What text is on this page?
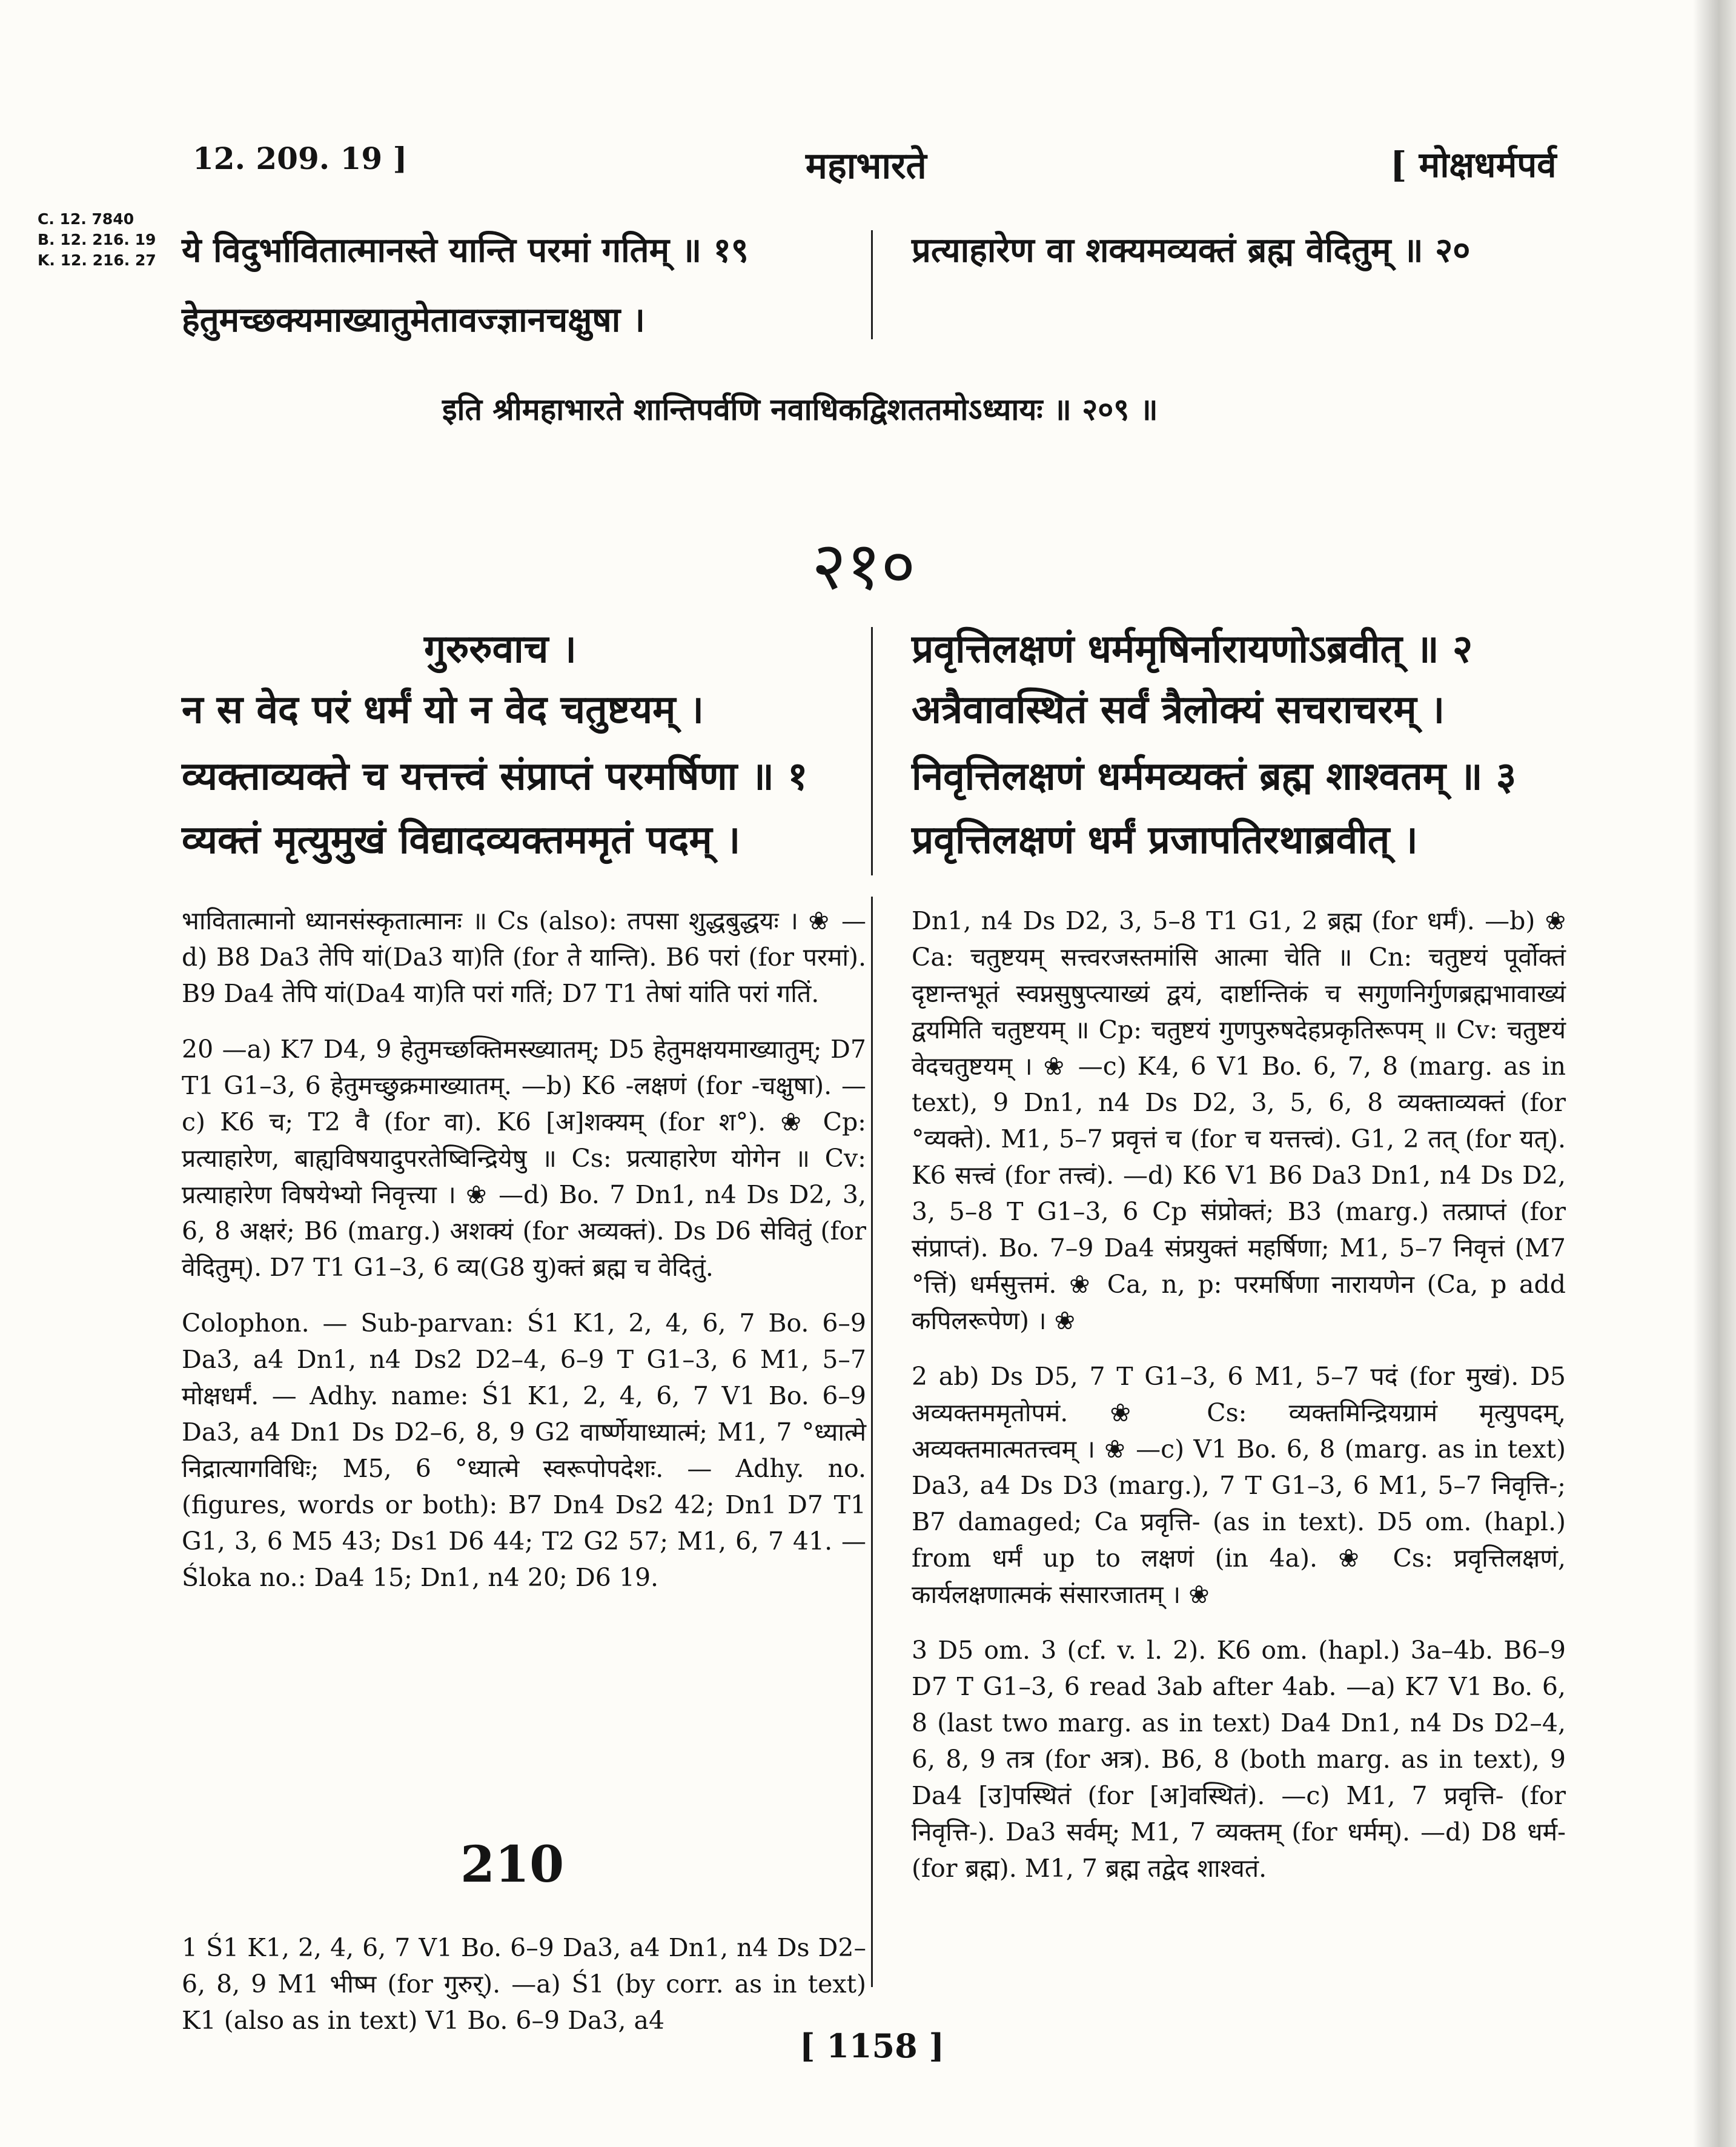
12. 209. 19 ]	महाभारते	[ मोक्षधर्मपर्व
C. 12. 7840
B. 12. 216. 19
K. 12. 216. 27 ये विदुर्भावितात्मानस्ते यान्ति परमां गतिम् ॥ १९
हेतुमच्छक्यमाख्यातुमेतावज्ज्ञानचक्षुषा ।
प्रत्याहारेण वा शक्यमव्यक्तं ब्रह्म वेदितुम् ॥ २०
इति श्रीमहाभारते शान्तिपर्वणि नवाधिकद्विशततमोऽध्यायः ॥ २०९ ॥
२१०
गुरुरुवाच ।
न स वेद परं धर्मं यो न वेद चतुष्टयम् ।
व्यक्ताव्यक्ते च यत्तत्त्वं संप्राप्तं परमर्षिणा ॥ १
व्यक्तं मृत्युमुखं विद्यादव्यक्तममृतं पदम् ।
प्रवृत्तिलक्षणं धर्ममृषिर्नारायणोऽब्रवीत् ॥ २
अत्रैवावस्थितं सर्वं त्रैलोक्यं सचराचरम् ।
निवृत्तिलक्षणं धर्ममव्यक्तं ब्रह्म शाश्वतम् ॥ ३
प्रवृत्तिलक्षणं धर्मं प्रजापतिरथाब्रवीत् ।

भावितात्मानो ध्यानसंस्कृतात्मानः ॥ Cs (also): तपसा शुद्धबुद्धयः । ❀ —d) B8 Da3 तेपि यां(Da3 या)ति (for ते यान्ति). B6 परां (for परमां). B9 Da4 तेपि यां(Da4 या)ति परां गतिं; D7 T1 तेषां यांति परां गतिं.

20 —a) K7 D4, 9 हेतुमच्छक्तिमस्ख्यातम्; D5 हेतुमक्षयमाख्यातुम्; D7 T1 G1–3, 6 हेतुमच्छुक्रमाख्यातम्. —b) K6 -लक्षणं (for -चक्षुषा). —c) K6 च; T2 वै (for वा). K6 [अ]शक्यम् (for श°). ❀ Cp: प्रत्याहारेण, बाह्यविषयादुपरतेष्विन्द्रियेषु ॥ Cs: प्रत्याहारेण योगेन ॥ Cv: प्रत्याहारेण विषयेभ्यो निवृत्त्या । ❀ —d) Bo. 7 Dn1, n4 Ds D2, 3, 6, 8 अक्षरं; B6 (marg.) अशक्यं (for अव्यक्तं). Ds D6 सेवितुं (for वेदितुम्). D7 T1 G1–3, 6 व्य(G8 यु)क्तं ब्रह्म च वेदितुं.

Colophon. — Sub-parvan: Ś1 K1, 2, 4, 6, 7 Bo. 6–9 Da3, a4 Dn1, n4 Ds2 D2–4, 6–9 T G1–3, 6 M1, 5–7 मोक्षधर्मं. — Adhy. name: Ś1 K1, 2, 4, 6, 7 V1 Bo. 6–9 Da3, a4 Dn1 Ds D2–6, 8, 9 G2 वार्ष्णेयाध्यात्मं; M1, 7 °ध्यात्मे निद्रात्यागविधिः; M5, 6 °ध्यात्मे स्वरूपोपदेशः. — Adhy. no. (figures, words or both): B7 Dn4 Ds2 42; Dn1 D7 T1 G1, 3, 6 M5 43; Ds1 D6 44; T2 G2 57; M1, 6, 7 41. — Śloka no.: Da4 15; Dn1, n4 20; D6 19.

210
1 Ś1 K1, 2, 4, 6, 7 V1 Bo. 6–9 Da3, a4 Dn1, n4 Ds D2–6, 8, 9 M1 भीष्म (for गुरुर्). —a) Ś1 (by corr. as in text) K1 (also as in text) V1 Bo. 6–9 Da3, a4

Dn1, n4 Ds D2, 3, 5–8 T1 G1, 2 ब्रह्म (for धर्मं). —b) ❀ Ca: चतुष्टयम् सत्त्वरजस्तमांसि आत्मा चेति ॥ Cn: चतुष्टयं पूर्वोक्तं दृष्टान्तभूतं स्वप्नसुषुप्त्याख्यं द्वयं, दार्ष्टान्तिकं च सगुणनिर्गुणब्रह्मभावाख्यं द्वयमिति चतुष्टयम् ॥ Cp: चतुष्टयं गुणपुरुषदेहप्रकृतिरूपम् ॥ Cv: चतुष्टयं वेदचतुष्टयम् । ❀ —c) K4, 6 V1 Bo. 6, 7, 8 (marg. as in text), 9 Dn1, n4 Ds D2, 3, 5, 6, 8 व्यक्ताव्यक्तं (for °व्यक्ते). M1, 5–7 प्रवृत्तं च (for च यत्तत्त्वं). G1, 2 तत् (for यत्). K6 सत्त्वं (for तत्त्वं). —d) K6 V1 B6 Da3 Dn1, n4 Ds D2, 3, 5–8 T G1–3, 6 Cp संप्रोक्तं; B3 (marg.) तत्प्राप्तं (for संप्राप्तं). Bo. 7–9 Da4 संप्रयुक्तं महर्षिणा; M1, 5–7 निवृत्तं (M7 °त्तिं) धर्मसुत्तमं. ❀ Ca, n, p: परमर्षिणा नारायणेन (Ca, p add कपिलरूपेण) । ❀

2 ab) Ds D5, 7 T G1–3, 6 M1, 5–7 पदं (for मुखं). D5 अव्यक्तममृतोपमं. ❀ Cs: व्यक्तमिन्द्रियग्रामं मृत्युपदम्, अव्यक्तमात्मतत्त्वम् । ❀ —c) V1 Bo. 6, 8 (marg. as in text) Da3, a4 Ds D3 (marg.), 7 T G1–3, 6 M1, 5–7 निवृत्ति-; B7 damaged; Ca प्रवृत्ति- (as in text). D5 om. (hapl.) from धर्मं up to लक्षणं (in 4a). ❀ Cs: प्रवृत्तिलक्षणं, कार्यलक्षणात्मकं संसारजातम् । ❀

3 D5 om. 3 (cf. v. l. 2). K6 om. (hapl.) 3a–4b. B6–9 D7 T G1–3, 6 read 3ab after 4ab. —a) K7 V1 Bo. 6, 8 (last two marg. as in text) Da4 Dn1, n4 Ds D2–4, 6, 8, 9 तत्र (for अत्र). B6, 8 (both marg. as in text), 9 Da4 [उ]पस्थितं (for [अ]वस्थितं). —c) M1, 7 प्रवृत्ति- (for निवृत्ति-). Da3 सर्वम्; M1, 7 व्यक्तम् (for धर्मम्). —d) D8 धर्म- (for ब्रह्म). M1, 7 ब्रह्म तद्वेद शाश्वतं.

[ 1158 ]
